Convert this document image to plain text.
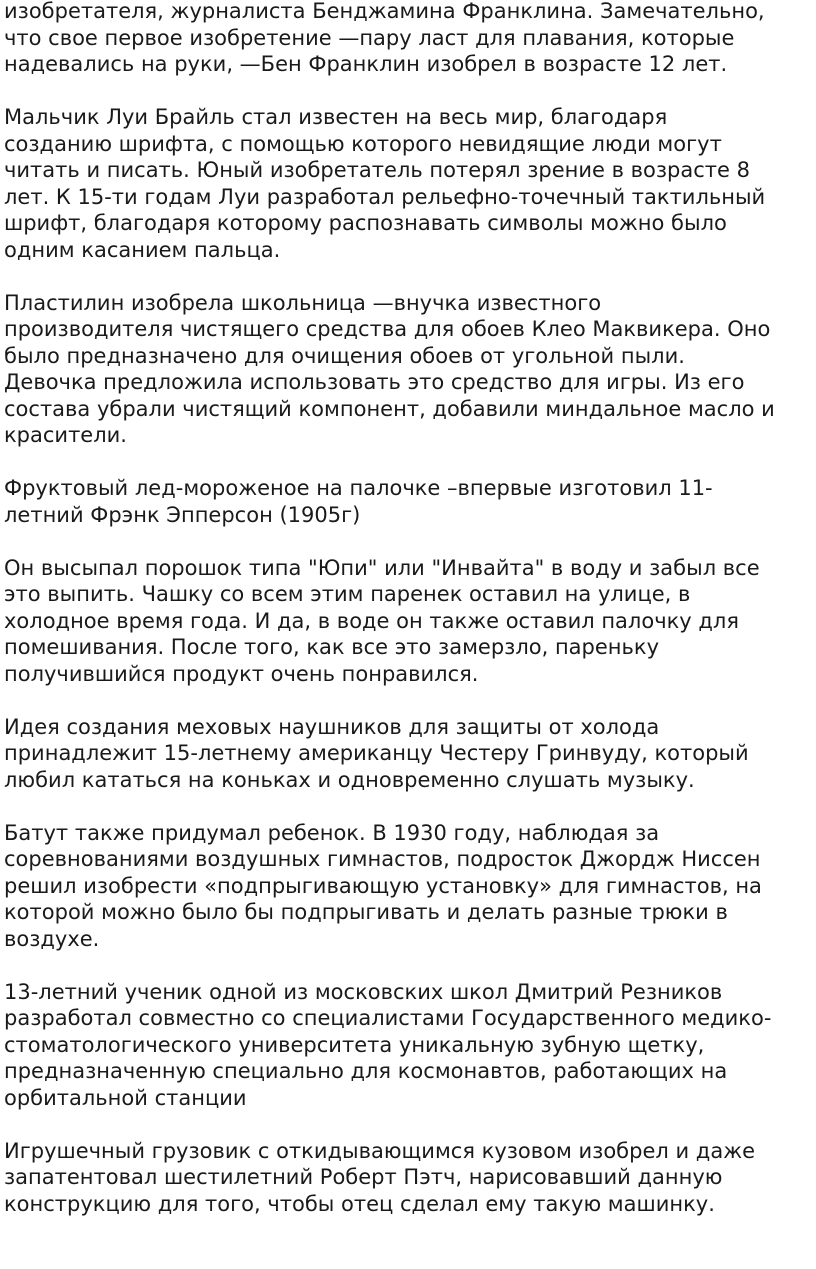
изобретателя, журналиста Бенджамина Франклина. Замечательно,
что свое первое изобретение —пару ласт для плавания, которые
надевались на руки, —Бен Франклин изобрел в возрасте 12 лет.

Мальчик Луи Брайль стал известен на весь мир, благодаря
созданию шрифта, с помощью которого невидящие люди могут
читать и писать. Юный изобретатель потерял зрение в возрасте 8
лет. К 15-ти годам Луи разработал рельефно-точечный тактильный
шрифт, благодаря которому распознавать символы можно было
одним касанием пальца.

Пластилин изобрела школьница —внучка известного
производителя чистящего средства для обоев Клео Маквикера. Оно
было предназначено для очищения обоев от угольной пыли.
Девочка предложила использовать это средство для игры. Из его
состава убрали чистящий компонент, добавили миндальное масло и
красители.

Фруктовый лед-мороженое на палочке –впервые изготовил 11-
летний Фрэнк Эпперсон (1905г)

Он высыпал порошок типа "Юпи" или "Инвайта" в воду и забыл все
это выпить. Чашку со всем этим паренек оставил на улице, в
холодное время года. И да, в воде он также оставил палочку для
помешивания. После того, как все это замерзло, пареньку
получившийся продукт очень понравился.

Идея создания меховых наушников для защиты от холода
принадлежит 15-летнему американцу Честеру Гринвуду, который
любил кататься на коньках и одновременно слушать музыку.

Батут также придумал ребенок. В 1930 году, наблюдая за
соревнованиями воздушных гимнастов, подросток Джордж Ниссен
решил изобрести «подпрыгивающую установку» для гимнастов, на
которой можно было бы подпрыгивать и делать разные трюки в
воздухе.

13-летний ученик одной из московских школ Дмитрий Резников
разработал совместно со специалистами Государственного медико-
стоматологического университета уникальную зубную щетку,
предназначенную специально для космонавтов, работающих на
орбитальной станции

Игрушечный грузовик с откидывающимся кузовом изобрел и даже
запатентовал шестилетний Роберт Пэтч, нарисовавший данную
конструкцию для того, чтобы отец сделал ему такую машинку.
